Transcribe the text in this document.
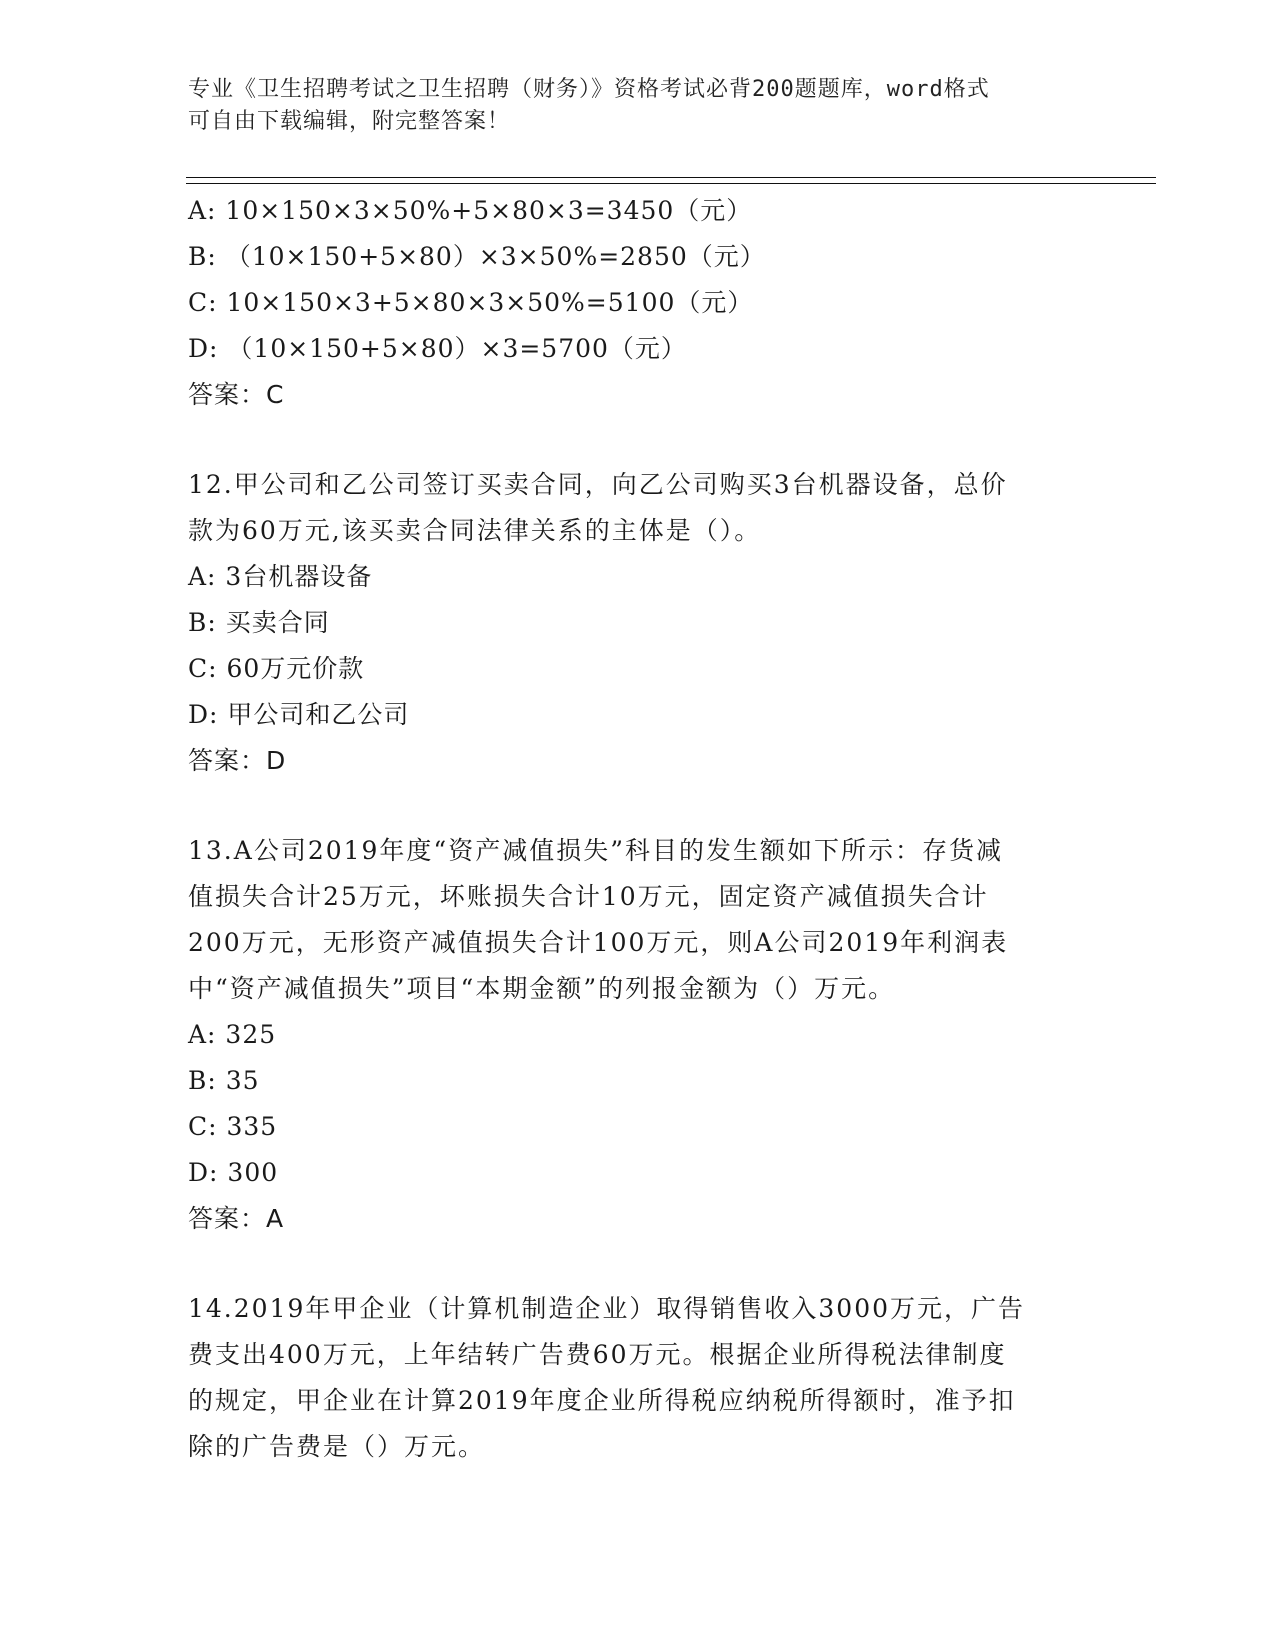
专业《卫生招聘考试之卫生招聘（财务）》资格考试必背200题题库，word格式
可自由下载编辑，附完整答案！
A: 10×150×3×50%+5×80×3=3450（元）
B: （10×150+5×80）×3×50%=2850（元）
C: 10×150×3+5×80×3×50%=5100（元）
D: （10×150+5×80）×3=5700（元）
答案：C
12.甲公司和乙公司签订买卖合同，向乙公司购买3台机器设备，总价
款为60万元,该买卖合同法律关系的主体是（）。
A: 3台机器设备
B: 买卖合同
C: 60万元价款
D: 甲公司和乙公司
答案：D
13.A公司2019年度“资产减值损失”科目的发生额如下所示：存货减
值损失合计25万元，坏账损失合计10万元，固定资产减值损失合计
200万元，无形资产减值损失合计100万元，则A公司2019年利润表
中“资产减值损失”项目“本期金额”的列报金额为（）万元。
A: 325
B: 35
C: 335
D: 300
答案：A
14.2019年甲企业（计算机制造企业）取得销售收入3000万元，广告
费支出400万元，上年结转广告费60万元。根据企业所得税法律制度
的规定，甲企业在计算2019年度企业所得税应纳税所得额时，准予扣
除的广告费是（）万元。
